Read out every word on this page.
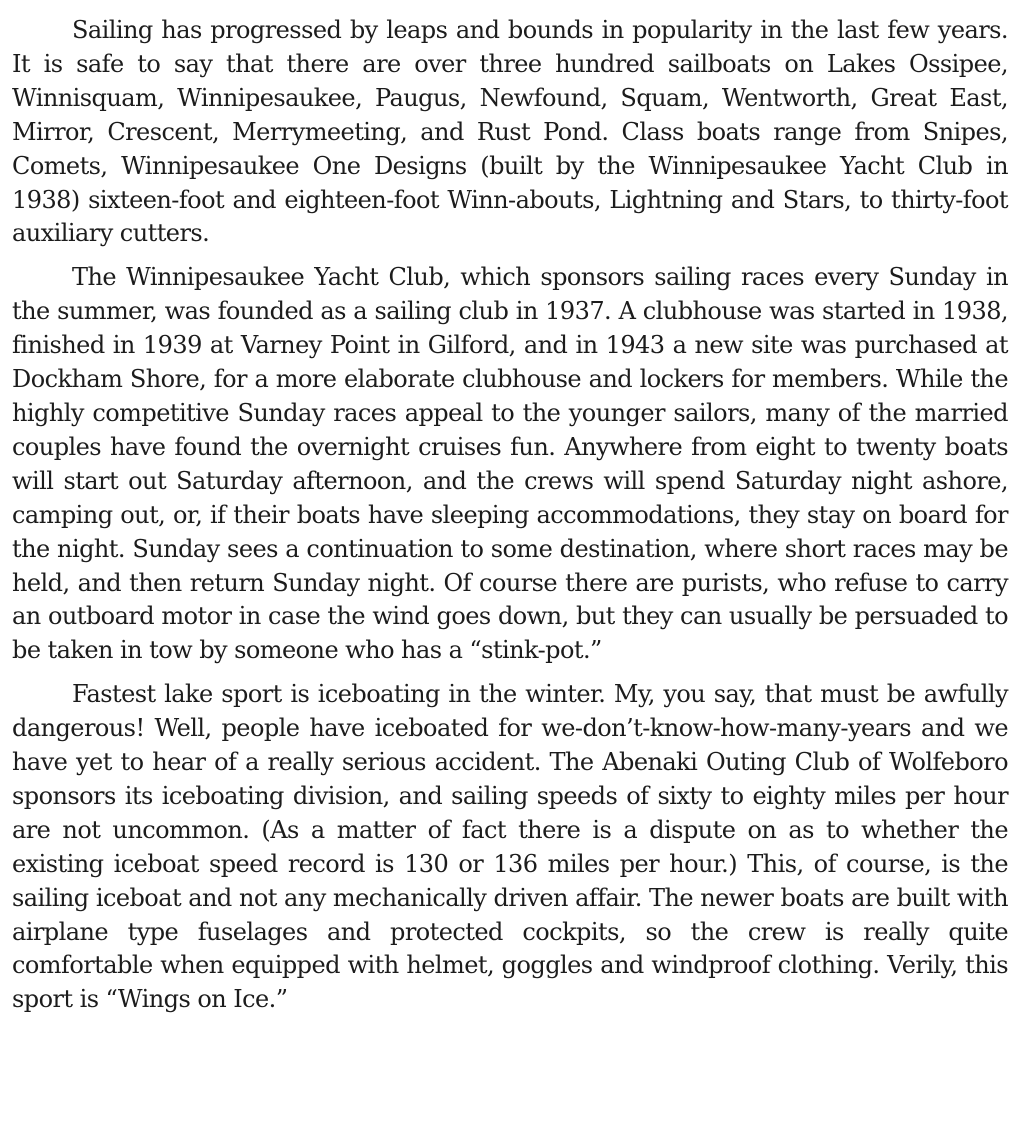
Sailing has progressed by leaps and bounds in popularity in the last few years. It is safe to say that there are over three hundred sailboats on Lakes Ossipee, Winnisquam, Winnipesaukee, Paugus, Newfound, Squam, Wentworth, Great East, Mirror, Crescent, Merrymeeting, and Rust Pond. Class boats range from Snipes, Comets, Winnipesaukee One Designs (built by the Winnipesaukee Yacht Club in 1938) sixteen-foot and eighteen-foot Winn-abouts, Lightning and Stars, to thirty-foot auxiliary cutters.

The Winnipesaukee Yacht Club, which sponsors sailing races every Sunday in the summer, was founded as a sailing club in 1937. A clubhouse was started in 1938, finished in 1939 at Varney Point in Gilford, and in 1943 a new site was purchased at Dockham Shore, for a more elaborate clubhouse and lockers for members. While the highly competitive Sunday races appeal to the younger sailors, many of the married couples have found the overnight cruises fun. Anywhere from eight to twenty boats will start out Saturday afternoon, and the crews will spend Saturday night ashore, camping out, or, if their boats have sleeping accommodations, they stay on board for the night. Sunday sees a continuation to some destination, where short races may be held, and then return Sunday night. Of course there are purists, who refuse to carry an outboard motor in case the wind goes down, but they can usually be persuaded to be taken in tow by someone who has a “stink-pot.”

Fastest lake sport is iceboating in the winter. My, you say, that must be awfully dangerous! Well, people have iceboated for we-don’t-know-how-many-years and we have yet to hear of a really serious accident. The Abenaki Outing Club of Wolfeboro sponsors its iceboating division, and sailing speeds of sixty to eighty miles per hour are not uncommon. (As a matter of fact there is a dispute on as to whether the existing iceboat speed record is 130 or 136 miles per hour.) This, of course, is the sailing iceboat and not any mechanically driven affair. The newer boats are built with airplane type fuselages and protected cockpits, so the crew is really quite comfortable when equipped with helmet, goggles and windproof clothing. Verily, this sport is “Wings on Ice.”
